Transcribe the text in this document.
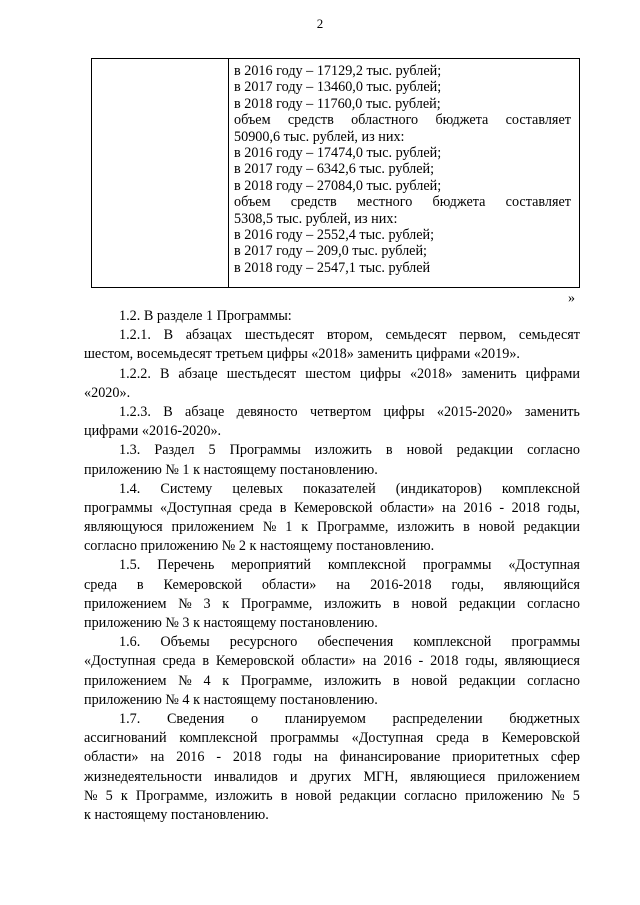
2
в 2016 году – 17129,2 тыс. рублей;
в 2017 году – 13460,0 тыс. рублей;
в 2018 году – 11760,0 тыс. рублей;
объем средств областного бюджета составляет
50900,6 тыс. рублей, из них:
в 2016 году – 17474,0 тыс. рублей;
в 2017 году – 6342,6 тыс. рублей;
в 2018 году – 27084,0 тыс. рублей;
объем средств местного бюджета составляет
5308,5 тыс. рублей, из них:
в 2016 году – 2552,4 тыс. рублей;
в 2017 году – 209,0 тыс. рублей;
в 2018 году – 2547,1 тыс. рублей
»
1.2. В разделе 1 Программы:
1.2.1. В абзацах шестьдесят втором, семьдесят первом, семьдесят
шестом, восемьдесят третьем цифры «2018» заменить цифрами «2019».
1.2.2. В абзаце шестьдесят шестом цифры «2018» заменить цифрами
«2020».
1.2.3. В абзаце девяносто четвертом цифры «2015-2020» заменить
цифрами «2016-2020».
1.3. Раздел 5 Программы изложить в новой редакции согласно
приложению № 1 к настоящему постановлению.
1.4. Систему целевых показателей (индикаторов) комплексной
программы «Доступная среда в Кемеровской области» на 2016 - 2018 годы,
являющуюся приложением № 1 к Программе, изложить в новой редакции
согласно приложению № 2 к настоящему постановлению.
1.5. Перечень мероприятий комплексной программы «Доступная
среда в Кемеровской области» на 2016-2018 годы, являющийся
приложением № 3 к Программе, изложить в новой редакции согласно
приложению № 3 к настоящему постановлению.
1.6. Объемы ресурсного обеспечения комплексной программы
«Доступная среда в Кемеровской области» на 2016 - 2018 годы, являющиеся
приложением № 4 к Программе, изложить в новой редакции согласно
приложению № 4 к настоящему постановлению.
1.7. Сведения о планируемом распределении бюджетных
ассигнований комплексной программы «Доступная среда в Кемеровской
области» на 2016 - 2018 годы на финансирование приоритетных сфер
жизнедеятельности инвалидов и других МГН, являющиеся приложением
№ 5 к Программе, изложить в новой редакции согласно приложению № 5
к настоящему постановлению.
